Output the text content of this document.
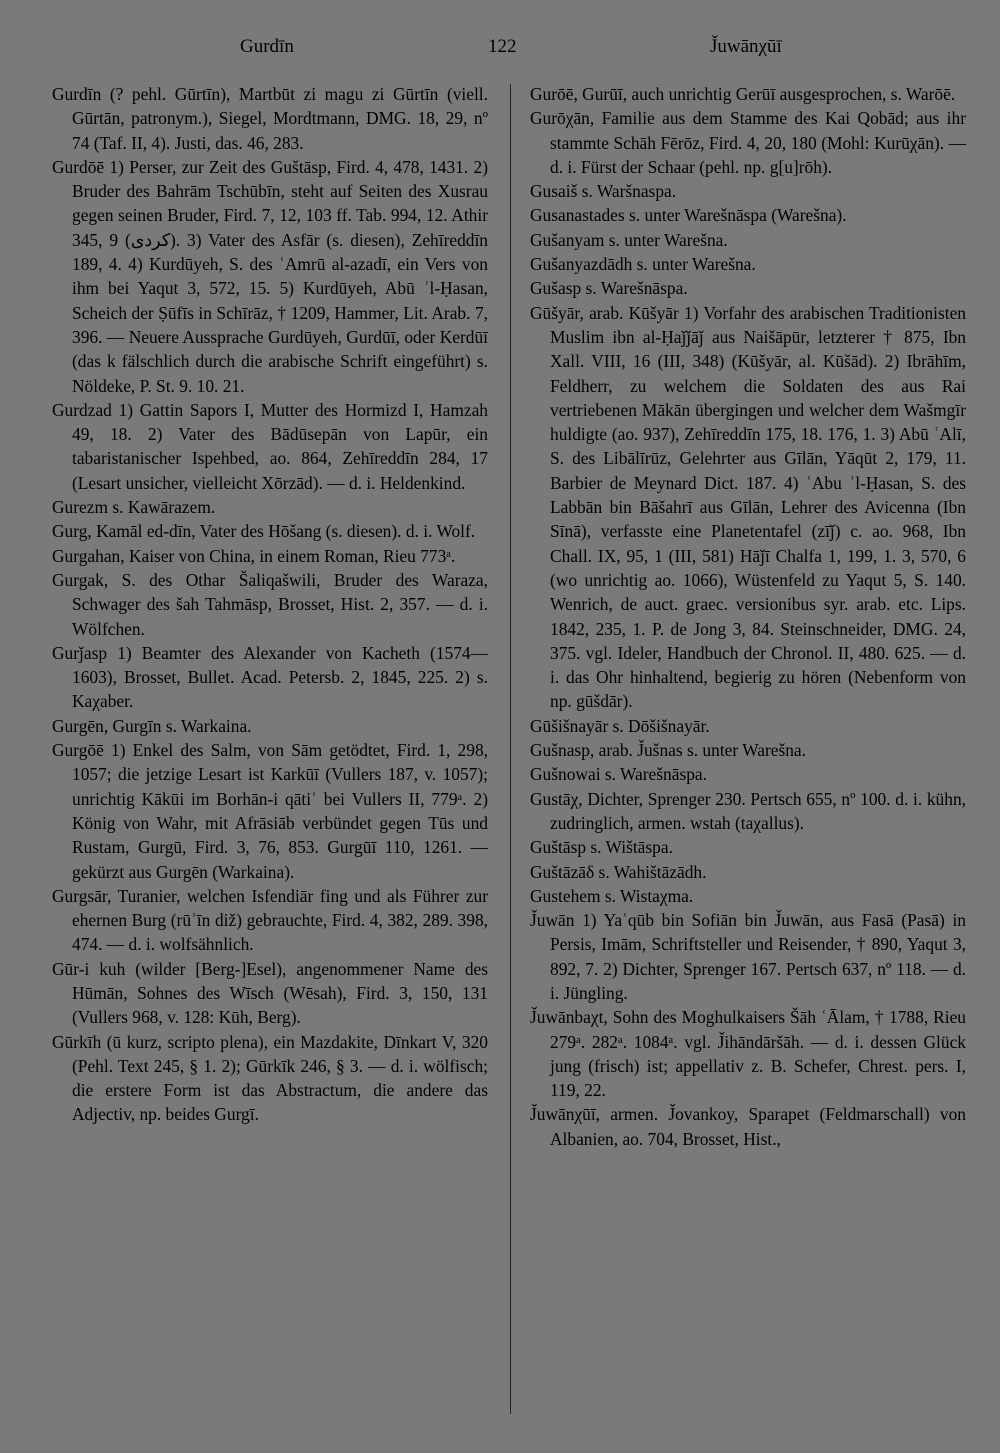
Gurdīn	122	J̌uwānχūī

Gurdīn (? pehl. Gūrtīn), Martbūt zi magu zi Gūrtīn (viell. Gūrtān, patronym.), Siegel, Mordtmann, DMG. 18, 29, nº 74 (Taf. II, 4). Justi, das. 46, 283.

Gurdōē 1) Perser, zur Zeit des Guštāsp, Fird. 4, 478, 1431. 2) Bruder des Bahrām Tschūbīn, steht auf Seiten des Xusrau gegen seinen Bruder, Fird. 7, 12, 103 ff. Tab. 994, 12. Athir 345, 9 (كردى). 3) Vater des Asfār (s. diesen), Zehīreddīn 189, 4. 4) Kurdūyeh, S. des ʿAmrū al-azadī, ein Vers von ihm bei Yaqut 3, 572, 15. 5) Kurdūyeh, Abū ʾl-Ḥasan, Scheich der Ṣūfīs in Schīrāz, † 1209, Hammer, Lit. Arab. 7, 396. — Neuere Aussprache Gurdūyeh, Gurdūī, oder Kerdūī (das k fälschlich durch die arabische Schrift eingeführt) s. Nöldeke, P. St. 9. 10. 21.

Gurdzad 1) Gattin Sapors I, Mutter des Hormizd I, Hamzah 49, 18. 2) Vater des Bādūsepān von Lapūr, ein tabaristanischer Ispehbed, ao. 864, Zehīreddīn 284, 17 (Lesart unsicher, vielleicht Xōrzād). — d. i. Heldenkind.

Gurezm s. Kawārazem.

Gurg, Kamāl ed-dīn, Vater des Hōšang (s. diesen). d. i. Wolf.

Gurgahan, Kaiser von China, in einem Roman, Rieu 773ᵃ.

Gurgak, S. des Othar Šaliqašwili, Bruder des Waraza, Schwager des šah Tahmāsp, Brosset, Hist. 2, 357. — d. i. Wölfchen.

Gurǰasp 1) Beamter des Alexander von Kacheth (1574—1603), Brosset, Bullet. Acad. Petersb. 2, 1845, 225. 2) s. Kaχaber.

Gurgēn, Gurgīn s. Warkaina.

Gurgōē 1) Enkel des Salm, von Sām getödtet, Fird. 1, 298, 1057; die jetzige Lesart ist Karkūī (Vullers 187, v. 1057); unrichtig Kākūi im Borhān-i qātiʿ bei Vullers II, 779ᵃ. 2) König von Wahr, mit Afrāsiāb verbündet gegen Tūs und Rustam, Gurgū, Fird. 3, 76, 853. Gurgūī 110, 1261. — gekürzt aus Gurgēn (Warkaina).

Gurgsār, Turanier, welchen Isfendiār fing und als Führer zur ehernen Burg (rūʾīn diž) gebrauchte, Fird. 4, 382, 289. 398, 474. — d. i. wolfsähnlich.

Gūr-i kuh (wilder [Berg-]Esel), angenommener Name des Hūmān, Sohnes des Wīsch (Wēsah), Fird. 3, 150, 131 (Vullers 968, v. 128: Kūh, Berg).

Gūrkīh (ū kurz, scripto plena), ein Mazdakite, Dīnkart V, 320 (Pehl. Text 245, § 1. 2); Gūrkīk 246, § 3. — d. i. wölfisch; die erstere Form ist das Abstractum, die andere das Adjectiv, np. beides Gurgī.

Gurōē, Gurūī, auch unrichtig Gerūī ausgesprochen, s. Warōē.

Gurōχān, Familie aus dem Stamme des Kai Qobād; aus ihr stammte Schāh Fērōz, Fird. 4, 20, 180 (Mohl: Kurūχān). — d. i. Fürst der Schaar (pehl. np. g[u]rōh).

Gusaiš s. Waršnaspa.

Gusanastades s. unter Warešnāspa (Warešna).

Gušanyam s. unter Warešna.

Gušanyazdādh s. unter Warešna.

Gušasp s. Warešnāspa.

Gūšyār, arab. Kūšyār 1) Vorfahr des arabischen Traditionisten Muslim ibn al-Ḥaǰǰāǰ aus Naišāpūr, letzterer † 875, Ibn Xall. VIII, 16 (III, 348) (Kūšyār, al. Kūšād). 2) Ibrāhīm, Feldherr, zu welchem die Soldaten des aus Rai vertriebenen Mākān übergingen und welcher dem Wašmgīr huldigte (ao. 937), Zehīreddīn 175, 18. 176, 1. 3) Abū ʿAlī, S. des Libālīrūz, Gelehrter aus Gīlān, Yāqūt 2, 179, 11. Barbier de Meynard Dict. 187. 4) ʿAbu ʾl-Ḥasan, S. des Labbān bin Bāšahrī aus Gīlān, Lehrer des Avicenna (Ibn Sīnā), verfasste eine Planetentafel (zīǰ) c. ao. 968, Ibn Chall. IX, 95, 1 (III, 581) Hāǰī Chalfa 1, 199, 1. 3, 570, 6 (wo unrichtig ao. 1066), Wüstenfeld zu Yaqut 5, S. 140. Wenrich, de auct. graec. versionibus syr. arab. etc. Lips. 1842, 235, 1. P. de Jong 3, 84. Steinschneider, DMG. 24, 375. vgl. Ideler, Handbuch der Chronol. II, 480. 625. — d. i. das Ohr hinhaltend, begierig zu hören (Nebenform von np. gūšdār).

Gūšišnayār s. Dōšišnayār.

Gušnasp, arab. J̌ušnas s. unter Warešna.

Gušnowai s. Warešnāspa.

Gustāχ, Dichter, Sprenger 230. Pertsch 655, nº 100. d. i. kühn, zudringlich, armen. wstah (taχallus).

Guštāsp s. Wištāspa.

Guštāzāδ s. Wahištāzādh.

Gustehem s. Wistaχma.

J̌uwān 1) Yaʿqūb bin Sofiān bin J̌uwān, aus Fasā (Pasā) in Persis, Imām, Schriftsteller und Reisender, † 890, Yaqut 3, 892, 7. 2) Dichter, Sprenger 167. Pertsch 637, nº 118. — d. i. Jüngling.

J̌uwānbaχt, Sohn des Moghulkaisers Šāh ʿĀlam, † 1788, Rieu 279ᵃ. 282ᵃ. 1084ᵃ. vgl. J̌ihāndāršāh. — d. i. dessen Glück jung (frisch) ist; appellativ z. B. Schefer, Chrest. pers. I, 119, 22.

J̌uwānχūī, armen. J̌ovankoy, Sparapet (Feldmarschall) von Albanien, ao. 704, Brosset, Hist.,
